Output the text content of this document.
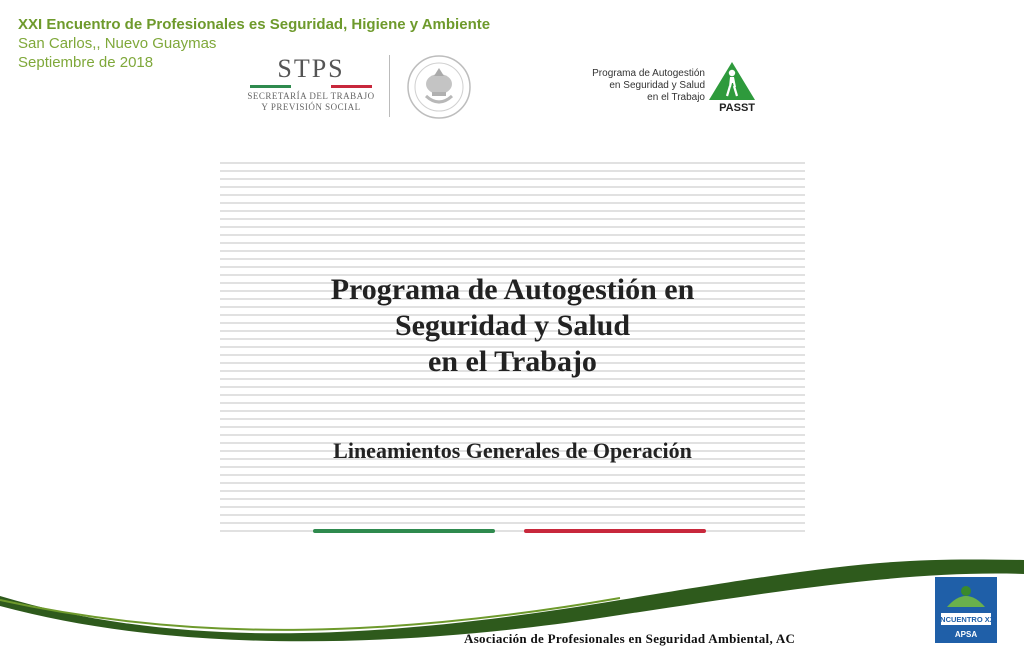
XXI Encuentro de Profesionales es Seguridad, Higiene y Ambiente
San Carlos,, Nuevo Guaymas
Septiembre de 2018	STPS
SECRETARÍA DEL TRABAJO
Y PREVISIÓN SOCIAL
Programa de Autogestión
en Seguridad y Salud
en el Trabajo
PASST
Programa de Autogestión en
Seguridad y Salud
en el Trabajo
Lineamientos Generales de Operación
Asociación de Profesionales en Seguridad Ambiental, AC
ENCUENTRO XXI
APSA
